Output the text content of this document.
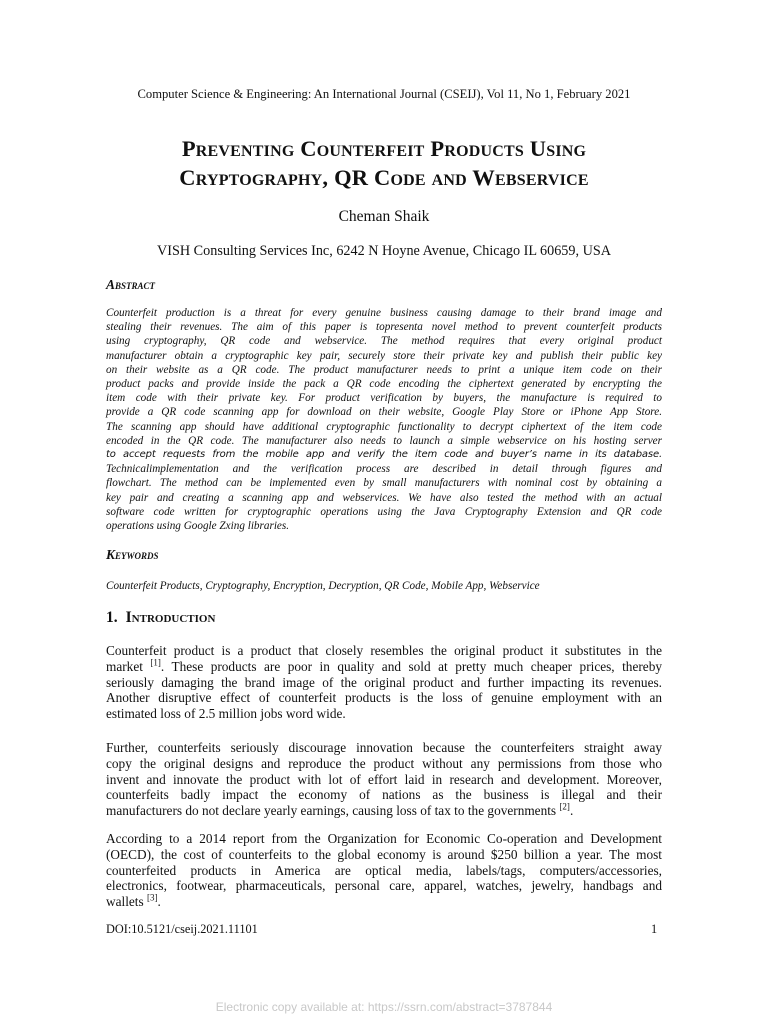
Computer Science & Engineering: An International Journal (CSEIJ), Vol 11, No 1, February 2021
Preventing Counterfeit Products Using
Cryptography, QR Code and Webservice
Cheman Shaik
VISH Consulting Services Inc, 6242 N Hoyne Avenue, Chicago IL 60659, USA
Abstract
Counterfeit production is a threat for every genuine business causing damage to their brand image and
stealing their revenues. The aim of this paper is topresenta novel method to prevent counterfeit products
using cryptography, QR code and webservice. The method requires that every original product
manufacturer obtain a cryptographic key pair, securely store their private key and publish their public key
on their website as a QR code. The product manufacturer needs to print a unique item code on their
product packs and provide inside the pack a QR code encoding the ciphertext generated by encrypting the
item code with their private key. For product verification by buyers, the manufacture is required to
provide a QR code scanning app for download on their website, Google Play Store or iPhone App Store.
The scanning app should have additional cryptographic functionality to decrypt ciphertext of the item code
encoded in the QR code. The manufacturer also needs to launch a simple webservice on his hosting server
to accept requests from the mobile app and verify the item code and buyer’s name in its database.
Technicalimplementation and the verification process are described in detail through figures and
flowchart. The method can be implemented even by small manufacturers with nominal cost by obtaining a
key pair and creating a scanning app and webservices. We have also tested the method with an actual
software code written for cryptographic operations using the Java Cryptography Extension and QR code
operations using Google Zxing libraries.
Keywords
Counterfeit Products, Cryptography, Encryption, Decryption, QR Code, Mobile App, Webservice
1. Introduction
Counterfeit product is a product that closely resembles the original product it substitutes in the
market [1]. These products are poor in quality and sold at pretty much cheaper prices, thereby
seriously damaging the brand image of the original product and further impacting its revenues.
Another disruptive effect of counterfeit products is the loss of genuine employment with an
estimated loss of 2.5 million jobs word wide.
Further, counterfeits seriously discourage innovation because the counterfeiters straight away
copy the original designs and reproduce the product without any permissions from those who
invent and innovate the product with lot of effort laid in research and development. Moreover,
counterfeits badly impact the economy of nations as the business is illegal and their
manufacturers do not declare yearly earnings, causing loss of tax to the governments [2].
According to a 2014 report from the Organization for Economic Co-operation and Development
(OECD), the cost of counterfeits to the global economy is around $250 billion a year. The most
counterfeited products in America are optical media, labels/tags, computers/accessories,
electronics, footwear, pharmaceuticals, personal care, apparel, watches, jewelry, handbags and
wallets [3].
DOI:10.5121/cseij.2021.11101	1
Electronic copy available at: https://ssrn.com/abstract=3787844
